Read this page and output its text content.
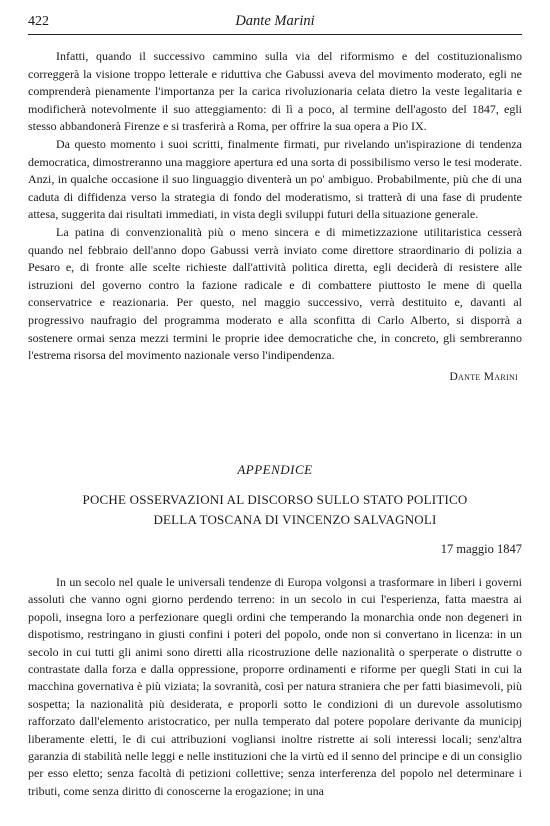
422	Dante Marini

Infatti, quando il successivo cammino sulla via del riformismo e del costituzionalismo correggerà la visione troppo letterale e riduttiva che Gabussi aveva del movimento moderato, egli ne comprenderà pienamente l'importanza per la carica rivoluzionaria celata dietro la veste legalitaria e modificherà notevolmente il suo atteggiamento: di lì a poco, al termine dell'agosto del 1847, egli stesso abbandonerà Firenze e si trasferirà a Roma, per offrire la sua opera a Pio IX.

Da questo momento i suoi scritti, finalmente firmati, pur rivelando un'ispirazione di tendenza democratica, dimostreranno una maggiore apertura ed una sorta di possibilismo verso le tesi moderate. Anzi, in qualche occasione il suo linguaggio diventerà un po' ambiguo. Probabilmente, più che di una caduta di diffidenza verso la strategia di fondo del moderatismo, si tratterà di una fase di prudente attesa, suggerita dai risultati immediati, in vista degli sviluppi futuri della situazione generale.

La patina di convenzionalità più o meno sincera e di mimetizzazione utilitaristica cesserà quando nel febbraio dell'anno dopo Gabussi verrà inviato come direttore straordinario di polizia a Pesaro e, di fronte alle scelte richieste dall'attività politica diretta, egli deciderà di resistere alle istruzioni del governo contro la fazione radicale e di combattere piuttosto le mene di quella conservatrice e reazionaria. Per questo, nel maggio successivo, verrà destituito e, davanti al progressivo naufragio del programma moderato e alla sconfitta di Carlo Alberto, si disporrà a sostenere ormai senza mezzi termini le proprie idee democratiche che, in concreto, gli sembreranno l'estrema risorsa del movimento nazionale verso l'indipendenza.

Dante Marini
APPENDICE
POCHE OSSERVAZIONI AL DISCORSO SULLO STATO POLITICO
DELLA TOSCANA DI VINCENZO SALVAGNOLI
17 maggio 1847

In un secolo nel quale le universali tendenze di Europa volgonsi a trasformare in liberi i governi assoluti che vanno ogni giorno perdendo terreno: in un secolo in cui l'esperienza, fatta maestra ai popoli, insegna loro a perfezionare quegli ordini che temperando la monarchia onde non degeneri in dispotismo, restringano in giusti confini i poteri del popolo, onde non si convertano in licenza: in un secolo in cui tutti gli animi sono diretti alla ricostruzione delle nazionalità o sperperate o distrutte o contrastate dalla forza e dalla oppressione, proporre ordinamenti e riforme per quegli Stati in cui la macchina governativa è più viziata; la sovranità, così per natura straniera che per fatti biasimevoli, più sospetta; la nazionalità più desiderata, e proporli sotto le condizioni di un durevole assolutismo rafforzato dall'elemento aristocratico, per nulla temperato dal potere popolare derivante da municipj liberamente eletti, le di cui attribuzioni vogliansi inoltre ristrette ai soli interessi locali; senz'altra garanzia di stabilità nelle leggi e nelle instituzioni che la virtù ed il senno del principe e di un consiglio per esso eletto; senza facoltà di petizioni collettive; senza interferenza del popolo nel determinare i tributi, come senza diritto di conoscerne la erogazione; in una
